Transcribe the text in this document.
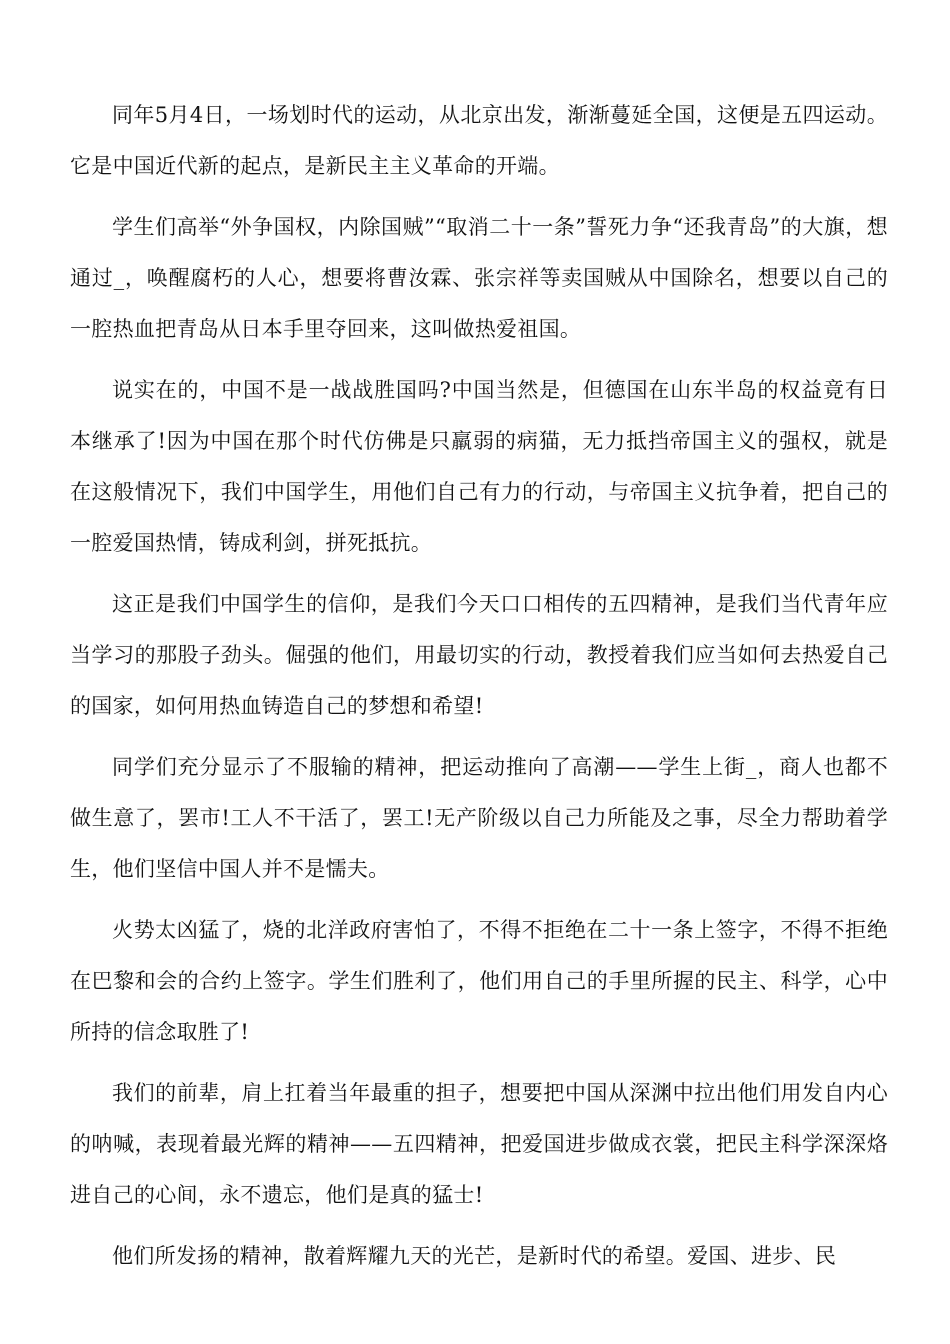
同年5月4日，一场划时代的运动，从北京出发，渐渐蔓延全国，这便是五四运动。它是中国近代新的起点，是新民主主义革命的开端。

学生们高举“外争国权，内除国贼”“取消二十一条”誓死力争“还我青岛”的大旗，想通过_，唤醒腐朽的人心，想要将曹汝霖、张宗祥等卖国贼从中国除名，想要以自己的一腔热血把青岛从日本手里夺回来，这叫做热爱祖国。

说实在的，中国不是一战战胜国吗?中国当然是，但德国在山东半岛的权益竟有日本继承了!因为中国在那个时代仿佛是只羸弱的病猫，无力抵挡帝国主义的强权，就是在这般情况下，我们中国学生，用他们自己有力的行动，与帝国主义抗争着，把自己的一腔爱国热情，铸成利剑，拼死抵抗。

这正是我们中国学生的信仰，是我们今天口口相传的五四精神，是我们当代青年应当学习的那股子劲头。倔强的他们，用最切实的行动，教授着我们应当如何去热爱自己的国家，如何用热血铸造自己的梦想和希望!

同学们充分显示了不服输的精神，把运动推向了高潮——学生上街_，商人也都不做生意了，罢市!工人不干活了，罢工!无产阶级以自己力所能及之事，尽全力帮助着学生，他们坚信中国人并不是懦夫。

火势太凶猛了，烧的北洋政府害怕了，不得不拒绝在二十一条上签字，不得不拒绝在巴黎和会的合约上签字。学生们胜利了，他们用自己的手里所握的民主、科学，心中所持的信念取胜了!

我们的前辈，肩上扛着当年最重的担子，想要把中国从深渊中拉出他们用发自内心的呐喊，表现着最光辉的精神——五四精神，把爱国进步做成衣裳，把民主科学深深烙进自己的心间，永不遗忘，他们是真的猛士!

他们所发扬的精神，散着辉耀九天的光芒，是新时代的希望。爱国、进步、民
